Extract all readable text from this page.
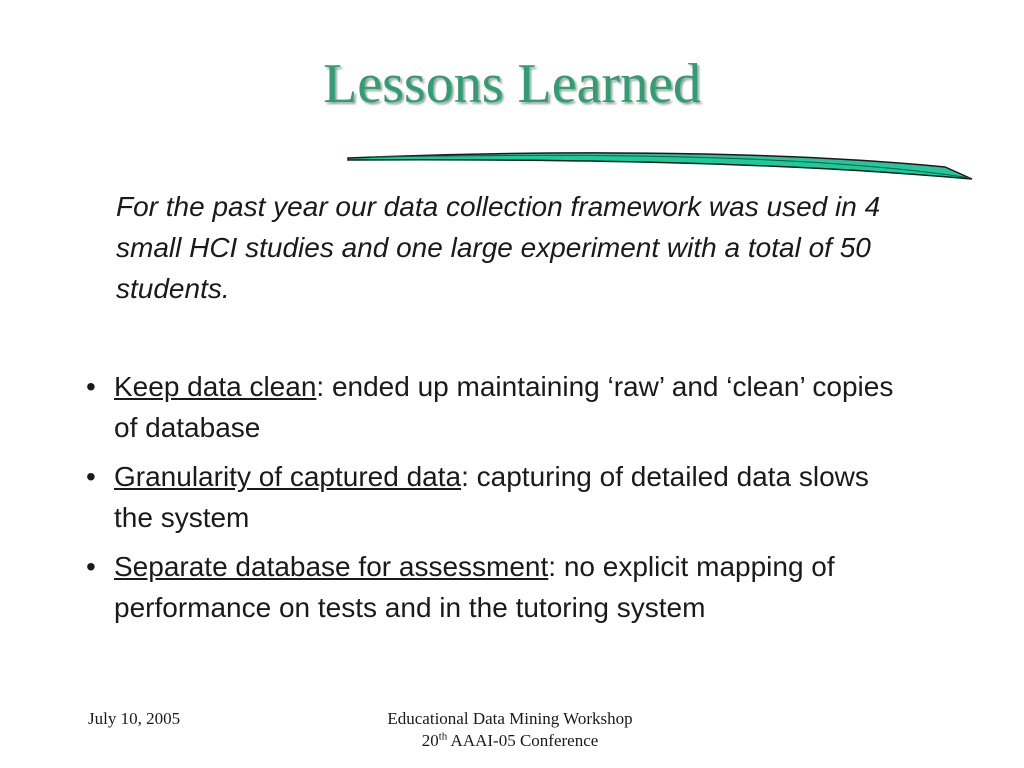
Lessons Learned

For the past year our data collection framework was used in 4 small HCI studies and one large experiment with a total of 50 students.

• Keep data clean: ended up maintaining ‘raw’ and ‘clean’ copies of database
• Granularity of captured data: capturing of detailed data slows the system
• Separate database for assessment: no explicit mapping of performance on tests and in the tutoring system
July 10, 2005	Educational Data Mining Workshop
20th AAAI-05 Conference
